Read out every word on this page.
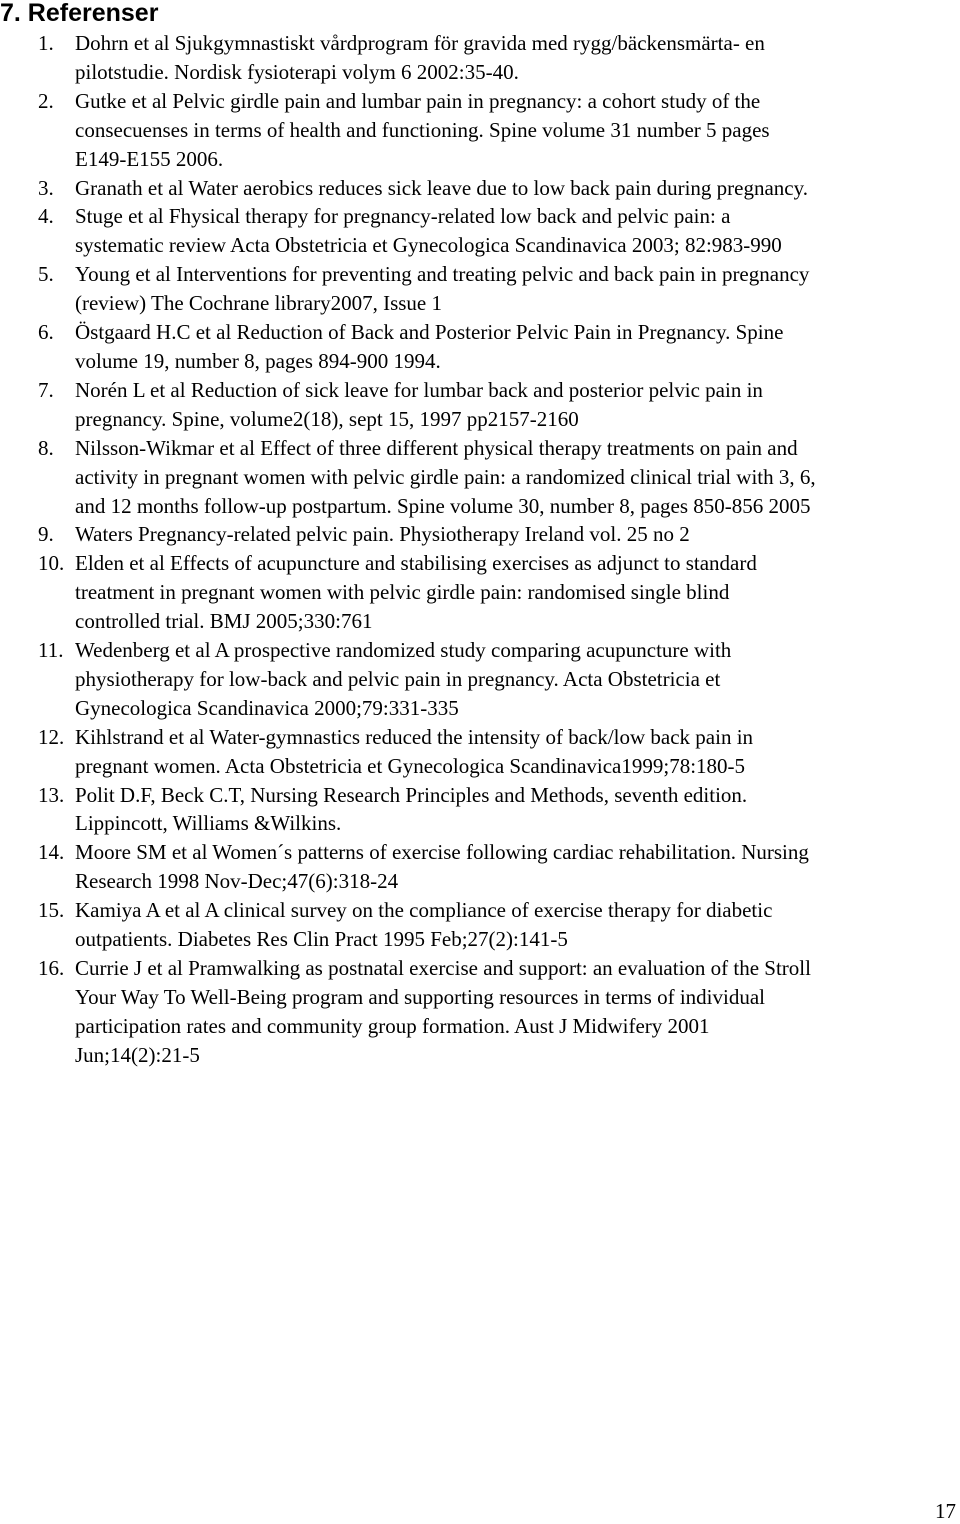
7. Referenser
1. Dohrn et al Sjukgymnastiskt vårdprogram för gravida med rygg/bäckensmärta- en
pilotstudie. Nordisk fysioterapi volym 6 2002:35-40.
2. Gutke et al Pelvic girdle pain and lumbar pain in pregnancy: a cohort study of the
consecuenses in terms of health and functioning. Spine volume 31 number 5 pages
E149-E155 2006.
3. Granath et al Water aerobics reduces sick leave due to low back pain during pregnancy.
4. Stuge et al Fhysical therapy for pregnancy-related low back and pelvic pain: a
systematic review Acta Obstetricia et Gynecologica Scandinavica 2003; 82:983-990
5. Young et al Interventions for preventing and treating pelvic and back pain in pregnancy
(review) The Cochrane library2007, Issue 1
6. Östgaard H.C et al Reduction of Back and Posterior Pelvic Pain in Pregnancy. Spine
volume 19, number 8, pages 894-900 1994.
7. Norén L et al Reduction of sick leave for lumbar back and posterior pelvic pain in
pregnancy. Spine, volume2(18), sept 15, 1997 pp2157-2160
8. Nilsson-Wikmar et al Effect of three different physical therapy treatments on pain and
activity in pregnant women with pelvic girdle pain: a randomized clinical trial with 3, 6,
and 12 months follow-up postpartum. Spine volume 30, number 8, pages 850-856 2005
9. Waters Pregnancy-related pelvic pain. Physiotherapy Ireland vol. 25 no 2
10. Elden et al Effects of acupuncture and stabilising exercises as adjunct to standard
treatment in pregnant women with pelvic girdle pain: randomised single blind
controlled trial. BMJ 2005;330:761
11. Wedenberg et al A prospective randomized study comparing acupuncture with
physiotherapy for low-back and pelvic pain in pregnancy. Acta Obstetricia et
Gynecologica Scandinavica 2000;79:331-335
12. Kihlstrand et al Water-gymnastics reduced the intensity of back/low back pain in
pregnant women. Acta Obstetricia et Gynecologica Scandinavica1999;78:180-5
13. Polit D.F, Beck C.T, Nursing Research Principles and Methods, seventh edition.
Lippincott, Williams &Wilkins.
14. Moore SM et al Women´s patterns of exercise following cardiac rehabilitation. Nursing
Research 1998 Nov-Dec;47(6):318-24
15. Kamiya A et al A clinical survey on the compliance of exercise therapy for diabetic
outpatients. Diabetes Res Clin Pract 1995 Feb;27(2):141-5
16. Currie J et al Pramwalking as postnatal exercise and support: an evaluation of the Stroll
Your Way To Well-Being program and supporting resources in terms of individual
participation rates and community group formation. Aust J Midwifery 2001
Jun;14(2):21-5
17
